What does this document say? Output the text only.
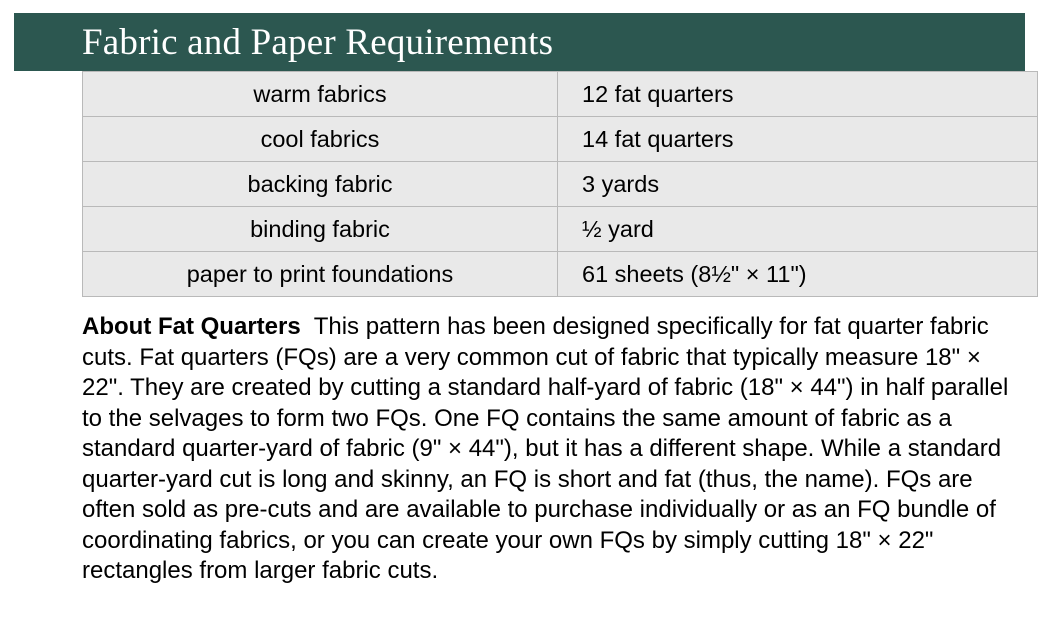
Fabric and Paper Requirements
warm fabrics	12 fat quarters
cool fabrics	14 fat quarters
backing fabric	3 yards
binding fabric	½ yard
paper to print foundations	61 sheets (8½" × 11")
About Fat Quarters This pattern has been designed specifically for fat quarter fabric cuts. Fat quarters (FQs) are a very common cut of fabric that typically measure 18" × 22". They are created by cutting a standard half-yard of fabric (18" × 44") in half parallel to the selvages to form two FQs. One FQ contains the same amount of fabric as a standard quarter-yard of fabric (9" × 44"), but it has a different shape. While a standard quarter-yard cut is long and skinny, an FQ is short and fat (thus, the name). FQs are often sold as pre-cuts and are available to purchase individually or as an FQ bundle of coordinating fabrics, or you can create your own FQs by simply cutting 18" × 22" rectangles from larger fabric cuts.
